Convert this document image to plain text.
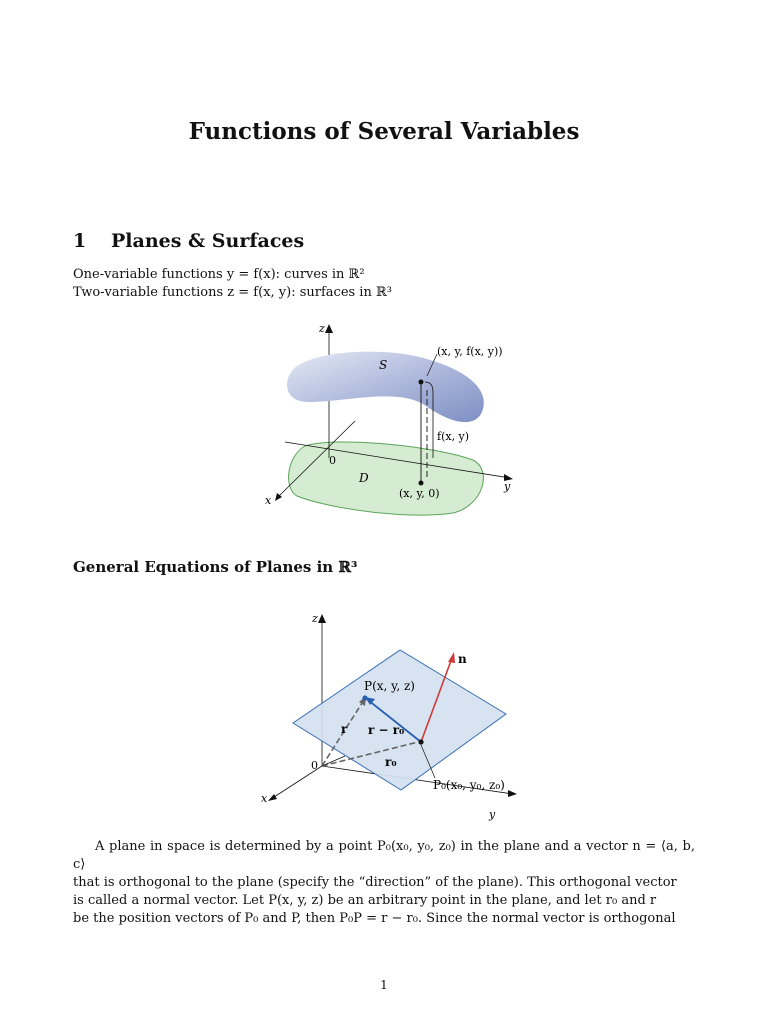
Functions of Several Variables
1 Planes & Surfaces
One-variable functions y = f(x): curves in ℝ²
Two-variable functions z = f(x, y): surfaces in ℝ³
z
x
y
0
S
D
(x, y, f(x, y))
f(x, y)
(x, y, 0)
General Equations of Planes in ℝ³
z
x
y
0
n
P(x, y, z)
r r − r₀
r₀
P₀(x₀, y₀, z₀)

A plane in space is determined by a point P₀(x₀, y₀, z₀) in the plane and a vector n = ⟨a, b, c⟩

that is orthogonal to the plane (specify the “direction” of the plane). This orthogonal vector

is called a normal vector. Let P(x, y, z) be an arbitrary point in the plane, and let r₀ and r

be the position vectors of P₀ and P, then P₀P = r − r₀. Since the normal vector is orthogonal

1
